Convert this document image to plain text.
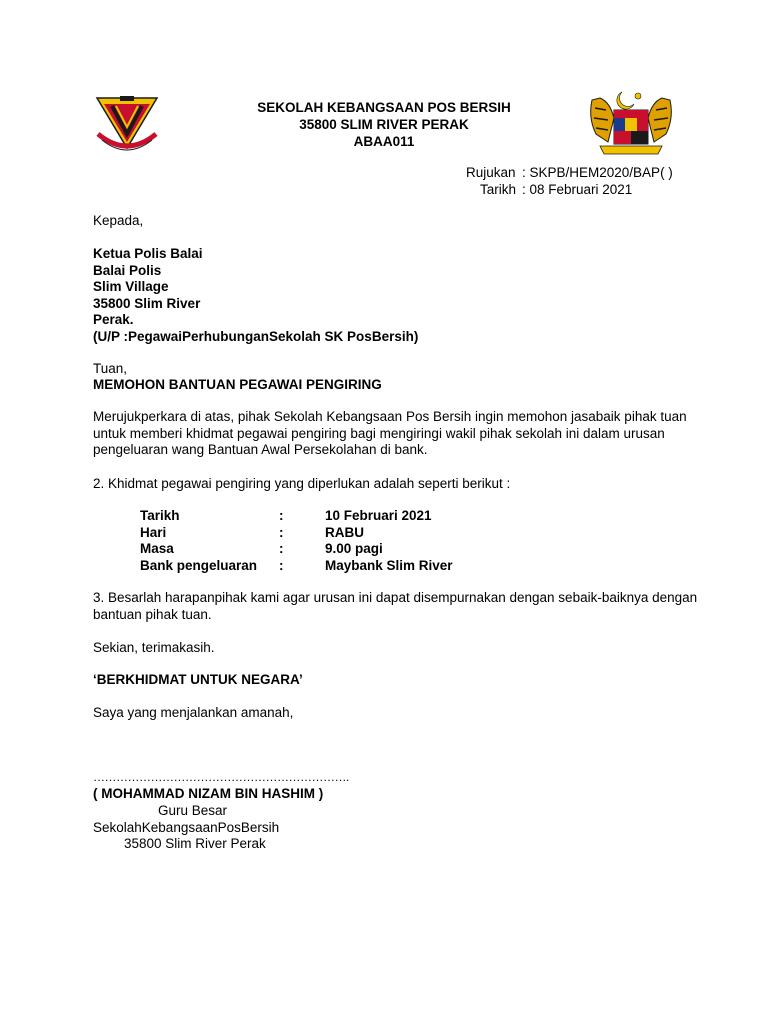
SEKOLAH KEBANGSAAN POS BERSIH
35800 SLIM RIVER PERAK
ABAA011
Rujukan : SKPB/HEM2020/BAP( )
Tarikh : 08 Februari 2021
Kepada,
Ketua Polis Balai
Balai Polis
Slim Village
35800 Slim River
Perak.
(U/P :PegawaiPerhubunganSekolah SK PosBersih)
Tuan,
MEMOHON BANTUAN PEGAWAI PENGIRING
Merujukperkara di atas, pihak Sekolah Kebangsaan Pos Bersih ingin memohon jasabaik pihak tuan
untuk memberi khidmat pegawai pengiring bagi mengiringi wakil pihak sekolah ini dalam urusan
pengeluaran wang Bantuan Awal Persekolahan di bank.
2. Khidmat pegawai pengiring yang diperlukan adalah seperti berikut :
Tarikh	:	10 Februari 2021
Hari	:	RABU
Masa	:	9.00 pagi
Bank pengeluaran :	Maybank Slim River
3. Besarlah harapanpihak kami agar urusan ini dapat disempurnakan dengan sebaik-baiknya dengan
bantuan pihak tuan.
Sekian, terimakasih.
‘BERKHIDMAT UNTUK NEGARA’
Saya yang menjalankan amanah,
………………………………………………………….
( MOHAMMAD NIZAM BIN HASHIM )
Guru Besar
SekolahKebangsaanPosBersih
35800 Slim River Perak
